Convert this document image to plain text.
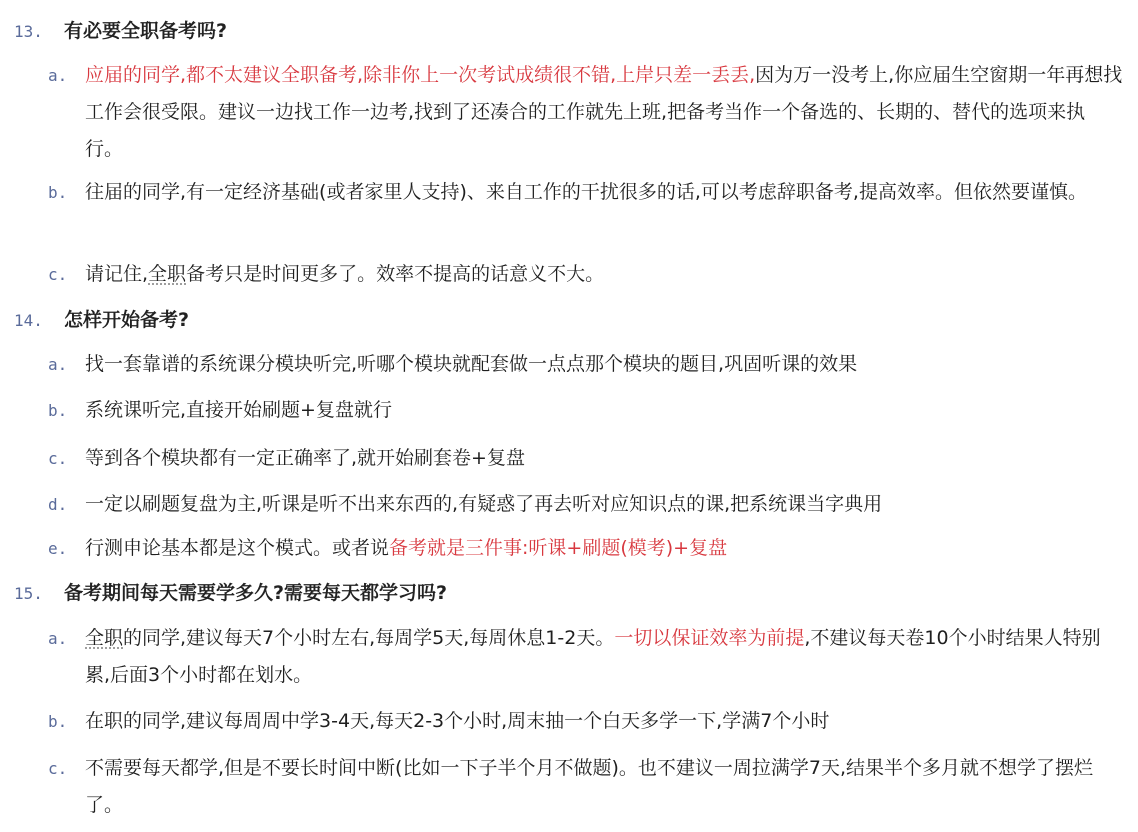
13. 有必要全职备考吗?
a. 应届的同学,都不太建议全职备考,除非你上一次考试成绩很不错,上岸只差一丢丢,因为万一没考上,你应届生空窗期一年再想找工作会很受限。建议一边找工作一边考,找到了还凑合的工作就先上班,把备考当作一个备选的、长期的、替代的选项来执行。
b. 往届的同学,有一定经济基础(或者家里人支持)、来自工作的干扰很多的话,可以考虑辞职备考,提高效率。但依然要谨慎。
c. 请记住,全职备考只是时间更多了。效率不提高的话意义不大。
14. 怎样开始备考?
a. 找一套靠谱的系统课分模块听完,听哪个模块就配套做一点点那个模块的题目,巩固听课的效果
b. 系统课听完,直接开始刷题+复盘就行
c. 等到各个模块都有一定正确率了,就开始刷套卷+复盘
d. 一定以刷题复盘为主,听课是听不出来东西的,有疑惑了再去听对应知识点的课,把系统课当字典用
e. 行测申论基本都是这个模式。或者说备考就是三件事:听课+刷题(模考)+复盘
15. 备考期间每天需要学多久?需要每天都学习吗?
a. 全职的同学,建议每天7个小时左右,每周学5天,每周休息1-2天。一切以保证效率为前提,不建议每天卷10个小时结果人特别累,后面3个小时都在划水。
b. 在职的同学,建议每周周中学3-4天,每天2-3个小时,周末抽一个白天多学一下,学满7个小时
c. 不需要每天都学,但是不要长时间中断(比如一下子半个月不做题)。也不建议一周拉满学7天,结果半个多月就不想学了摆烂了。
